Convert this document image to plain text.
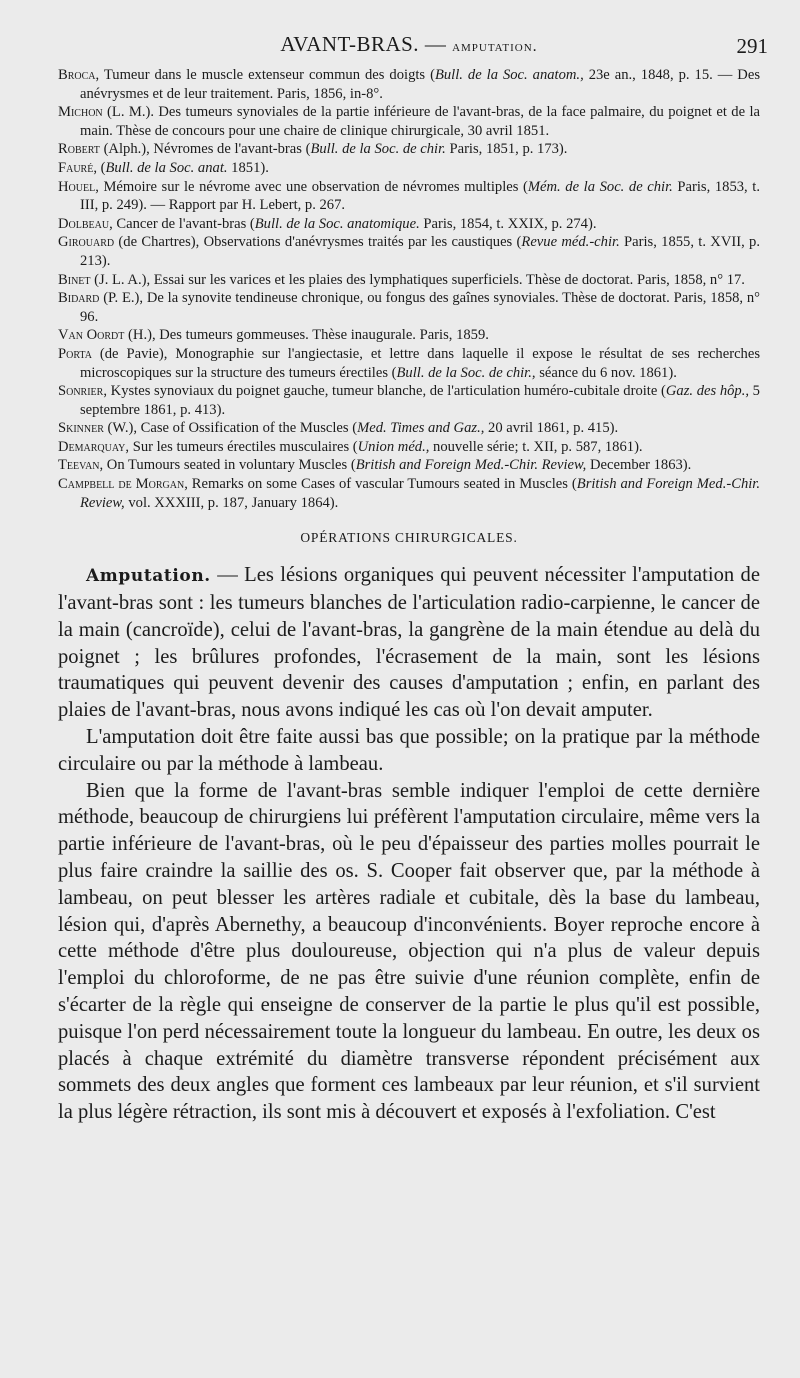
AVANT-BRAS. — amputation.	291
Broca, Tumeur dans le muscle extenseur commun des doigts (Bull. de la Soc. anatom., 23e an., 1848, p. 15. — Des anévrysmes et de leur traitement. Paris, 1856, in-8°.
Michon (L. M.). Des tumeurs synoviales de la partie inférieure de l'avant-bras, de la face palmaire, du poignet et de la main. Thèse de concours pour une chaire de clinique chirurgicale, 30 avril 1851.
Robert (Alph.), Névromes de l'avant-bras (Bull. de la Soc. de chir. Paris, 1851, p. 173).
Fauré, (Bull. de la Soc. anat. 1851).
Houel, Mémoire sur le névrome avec une observation de névromes multiples (Mém. de la Soc. de chir. Paris, 1853, t. III, p. 249). — Rapport par H. Lebert, p. 267.
Dolbeau, Cancer de l'avant-bras (Bull. de la Soc. anatomique. Paris, 1854, t. XXIX, p. 274).
Girouard (de Chartres), Observations d'anévrysmes traités par les caustiques (Revue méd.-chir. Paris, 1855, t. XVII, p. 213).
Binet (J. L. A.), Essai sur les varices et les plaies des lymphatiques superficiels. Thèse de doctorat. Paris, 1858, n° 17.
Bidard (P. E.), De la synovite tendineuse chronique, ou fongus des gaînes synoviales. Thèse de doctorat. Paris, 1858, n° 96.
Van Oordt (H.), Des tumeurs gommeuses. Thèse inaugurale. Paris, 1859.
Porta (de Pavie), Monographie sur l'angiectasie, et lettre dans laquelle il expose le résultat de ses recherches microscopiques sur la structure des tumeurs érectiles (Bull. de la Soc. de chir., séance du 6 nov. 1861).
Sonrier, Kystes synoviaux du poignet gauche, tumeur blanche, de l'articulation huméro-cubitale droite (Gaz. des hôp., 5 septembre 1861, p. 413).
Skinner (W.), Case of Ossification of the Muscles (Med. Times and Gaz., 20 avril 1861, p. 415).
Demarquay, Sur les tumeurs érectiles musculaires (Union méd., nouvelle série; t. XII, p. 587, 1861).
Teevan, On Tumours seated in voluntary Muscles (British and Foreign Med.-Chir. Review, December 1863).
Campbell de Morgan, Remarks on some Cases of vascular Tumours seated in Muscles (British and Foreign Med.-Chir. Review, vol. XXXIII, p. 187, January 1864).
OPÉRATIONS CHIRURGICALES.

Amputation. — Les lésions organiques qui peuvent nécessiter l'amputation de l'avant-bras sont : les tumeurs blanches de l'articulation radio-carpienne, le cancer de la main (cancroïde), celui de l'avant-bras, la gangrène de la main étendue au delà du poignet ; les brûlures profondes, l'écrasement de la main, sont les lésions traumatiques qui peuvent devenir des causes d'amputation ; enfin, en parlant des plaies de l'avant-bras, nous avons indiqué les cas où l'on devait amputer.

L'amputation doit être faite aussi bas que possible; on la pratique par la méthode circulaire ou par la méthode à lambeau.

Bien que la forme de l'avant-bras semble indiquer l'emploi de cette dernière méthode, beaucoup de chirurgiens lui préfèrent l'amputation circulaire, même vers la partie inférieure de l'avant-bras, où le peu d'épaisseur des parties molles pourrait le plus faire craindre la saillie des os. S. Cooper fait observer que, par la méthode à lambeau, on peut blesser les artères radiale et cubitale, dès la base du lambeau, lésion qui, d'après Abernethy, a beaucoup d'inconvénients. Boyer reproche encore à cette méthode d'être plus douloureuse, objection qui n'a plus de valeur depuis l'emploi du chloroforme, de ne pas être suivie d'une réunion complète, enfin de s'écarter de la règle qui enseigne de conserver de la partie le plus qu'il est possible, puisque l'on perd nécessairement toute la longueur du lambeau. En outre, les deux os placés à chaque extrémité du diamètre transverse répondent précisément aux sommets des deux angles que forment ces lambeaux par leur réunion, et s'il survient la plus légère rétraction, ils sont mis à découvert et exposés à l'exfoliation. C'est
